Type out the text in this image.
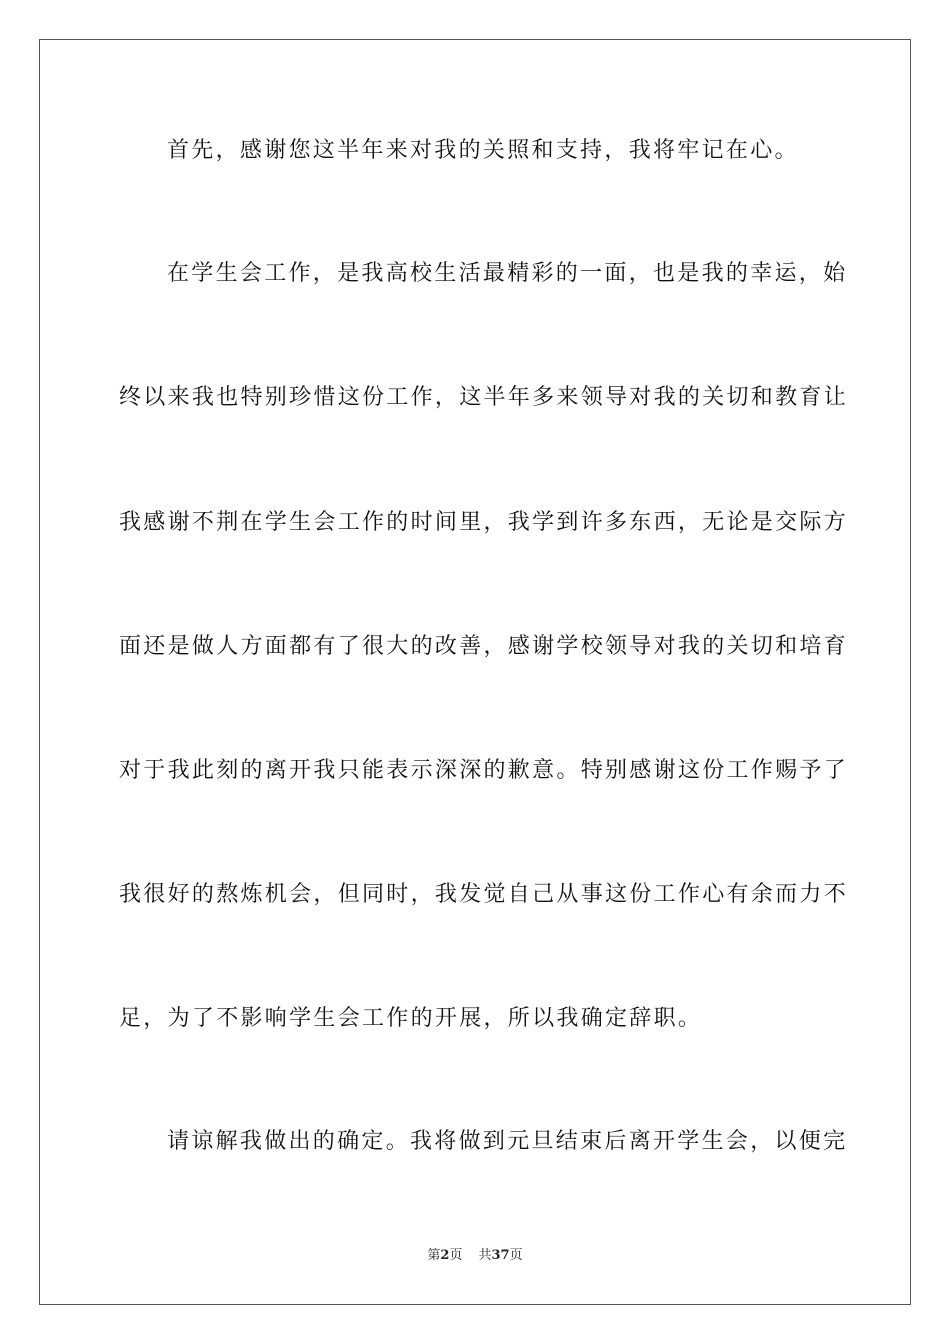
首先，感谢您这半年来对我的关照和支持，我将牢记在心。
在学生会工作，是我高校生活最精彩的一面，也是我的幸运，始
终以来我也特别珍惜这份工作，这半年多来领导对我的关切和教育让
我感谢不荆在学生会工作的时间里，我学到许多东西，无论是交际方
面还是做人方面都有了很大的改善，感谢学校领导对我的关切和培育
对于我此刻的离开我只能表示深深的歉意。特别感谢这份工作赐予了
我很好的熬炼机会，但同时，我发觉自己从事这份工作心有余而力不
足，为了不影响学生会工作的开展，所以我确定辞职。
请谅解我做出的确定。我将做到元旦结束后离开学生会，以便完
第2页 共37页
